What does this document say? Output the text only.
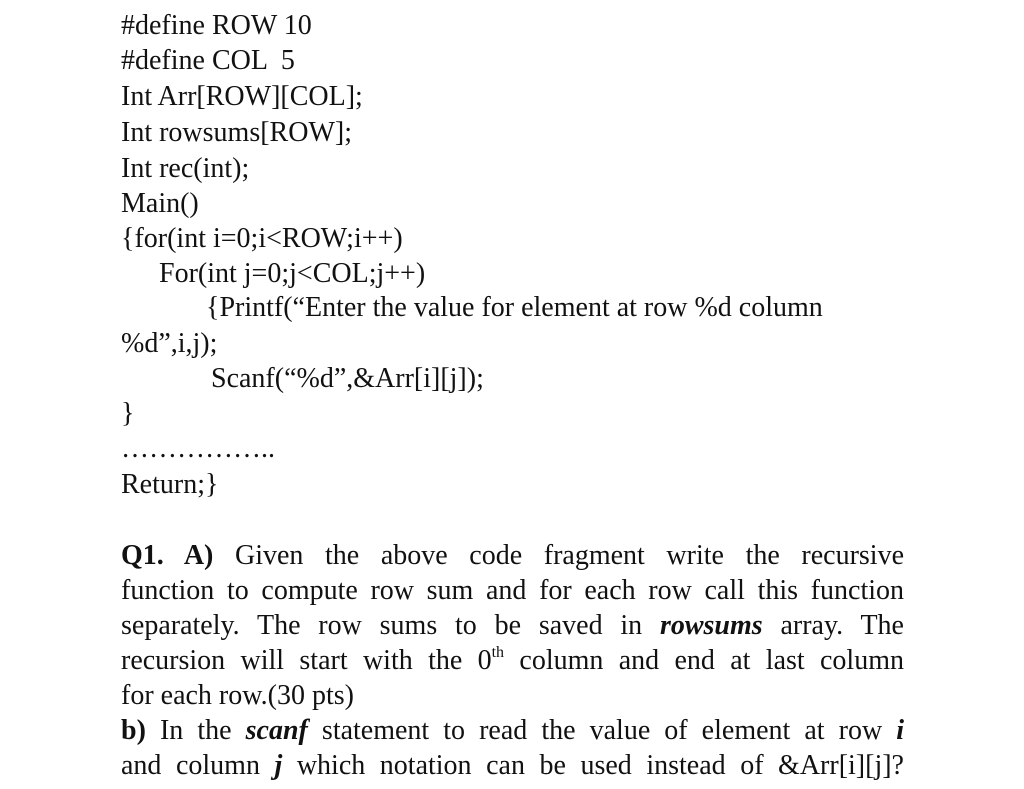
#define ROW 10
#define COL  5
Int Arr[ROW][COL];
Int rowsums[ROW];
Int rec(int);
Main()
{for(int i=0;i<ROW;i++)
For(int j=0;j<COL;j++)
{Printf(“Enter the value for element at row %d column
%d”,i,j);
Scanf(“%d”,&Arr[i][j]);
}
……………..
Return;}
Q1. A) Given the above code fragment write the recursive
function to compute row sum and for each row call this function
separately. The row sums to be saved in rowsums array. The
recursion will start with the 0th column and end at last column
for each row.(30 pts)
b) In the scanf statement to read the value of element at row i
and column j which notation can be used instead of &Arr[i][j]?
